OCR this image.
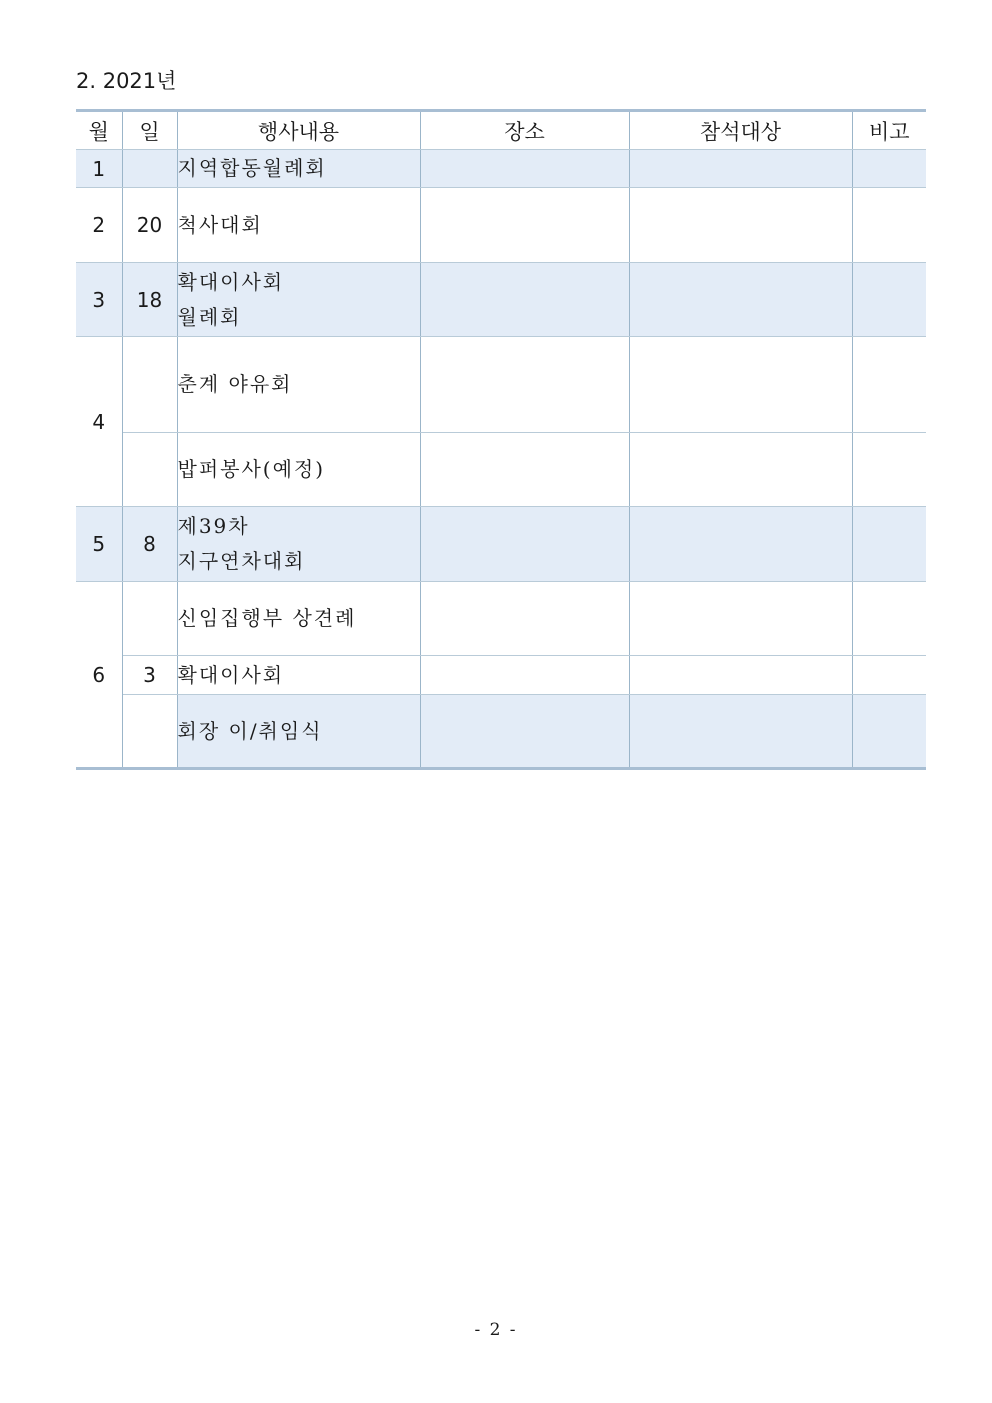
2. 2021년
월	일	행사내용	장소	참석대상	비고
1		지역합동월례회			

2	20	척사대회			

3	18	확대이사회
월례회			

4		춘계 야유회			

		밥퍼봉사(예정)			

5	8	제39차
지구연차대회			

6		신임집행부 상견례			

	3	확대이사회			

		회장 이/취임식			

- 2 -
